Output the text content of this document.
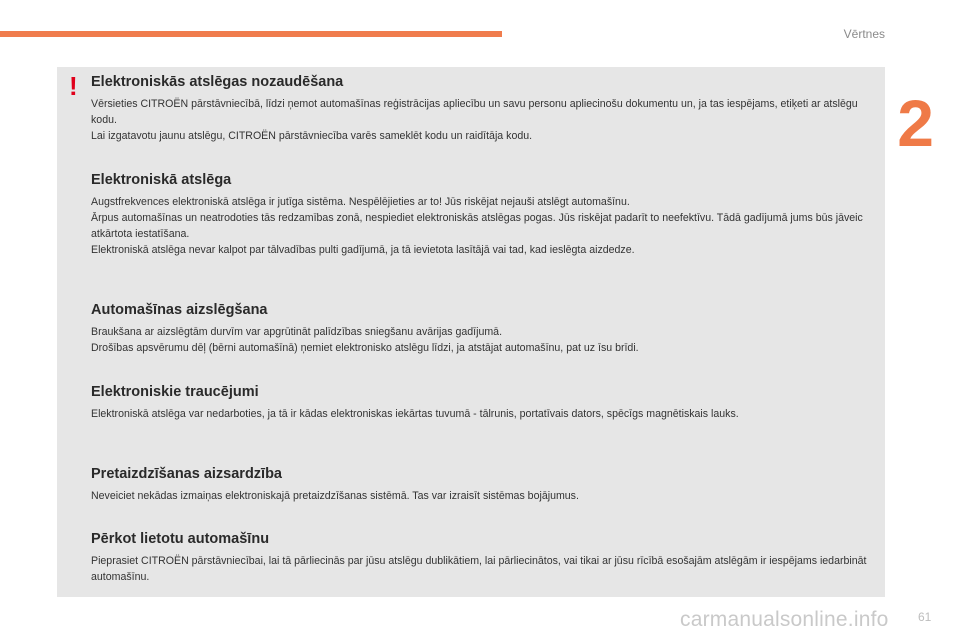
Vērtnes
2
! Elektroniskās atslēgas nozaudēšana

Vērsieties CITROËN pārstāvniecībā, līdzi ņemot automašīnas reģistrācijas apliecību un savu personu apliecinošu dokumentu un, ja tas iespējams, etiķeti ar atslēgu kodu.

Lai izgatavotu jaunu atslēgu, CITROËN pārstāvniecība varēs sameklēt kodu un raidītāja kodu.

Elektroniskā atslēga

Augstfrekvences elektroniskā atslēga ir jutīga sistēma. Nespēlējieties ar to! Jūs riskējat nejauši atslēgt automašīnu.

Ārpus automašīnas un neatrodoties tās redzamības zonā, nespiediet elektroniskās atslēgas pogas. Jūs riskējat padarīt to neefektīvu. Tādā gadījumā jums būs jāveic atkārtota iestatīšana.

Elektroniskā atslēga nevar kalpot par tālvadības pulti gadījumā, ja tā ievietota lasītājā vai tad, kad ieslēgta aizdedze.

Automašīnas aizslēgšana

Braukšana ar aizslēgtām durvīm var apgrūtināt palīdzības sniegšanu avārijas gadījumā.

Drošības apsvērumu dēļ (bērni automašīnā) ņemiet elektronisko atslēgu līdzi, ja atstājat automašīnu, pat uz īsu brīdi.

Elektroniskie traucējumi

Elektroniskā atslēga var nedarboties, ja tā ir kādas elektroniskas iekārtas tuvumā - tālrunis, portatīvais dators, spēcīgs magnētiskais lauks.

Pretaizdzīšanas aizsardzība

Neveiciet nekādas izmaiņas elektroniskajā pretaizdzīšanas sistēmā. Tas var izraisīt sistēmas bojājumus.

Pērkot lietotu automašīnu

Pieprasiet CITROËN pārstāvniecībai, lai tā pārliecinās par jūsu atslēgu dublikātiem, lai pārliecinātos, vai tikai ar jūsu rīcībā esošajām atslēgām ir iespējams iedarbināt automašīnu.

carmanualsonline.info 61
